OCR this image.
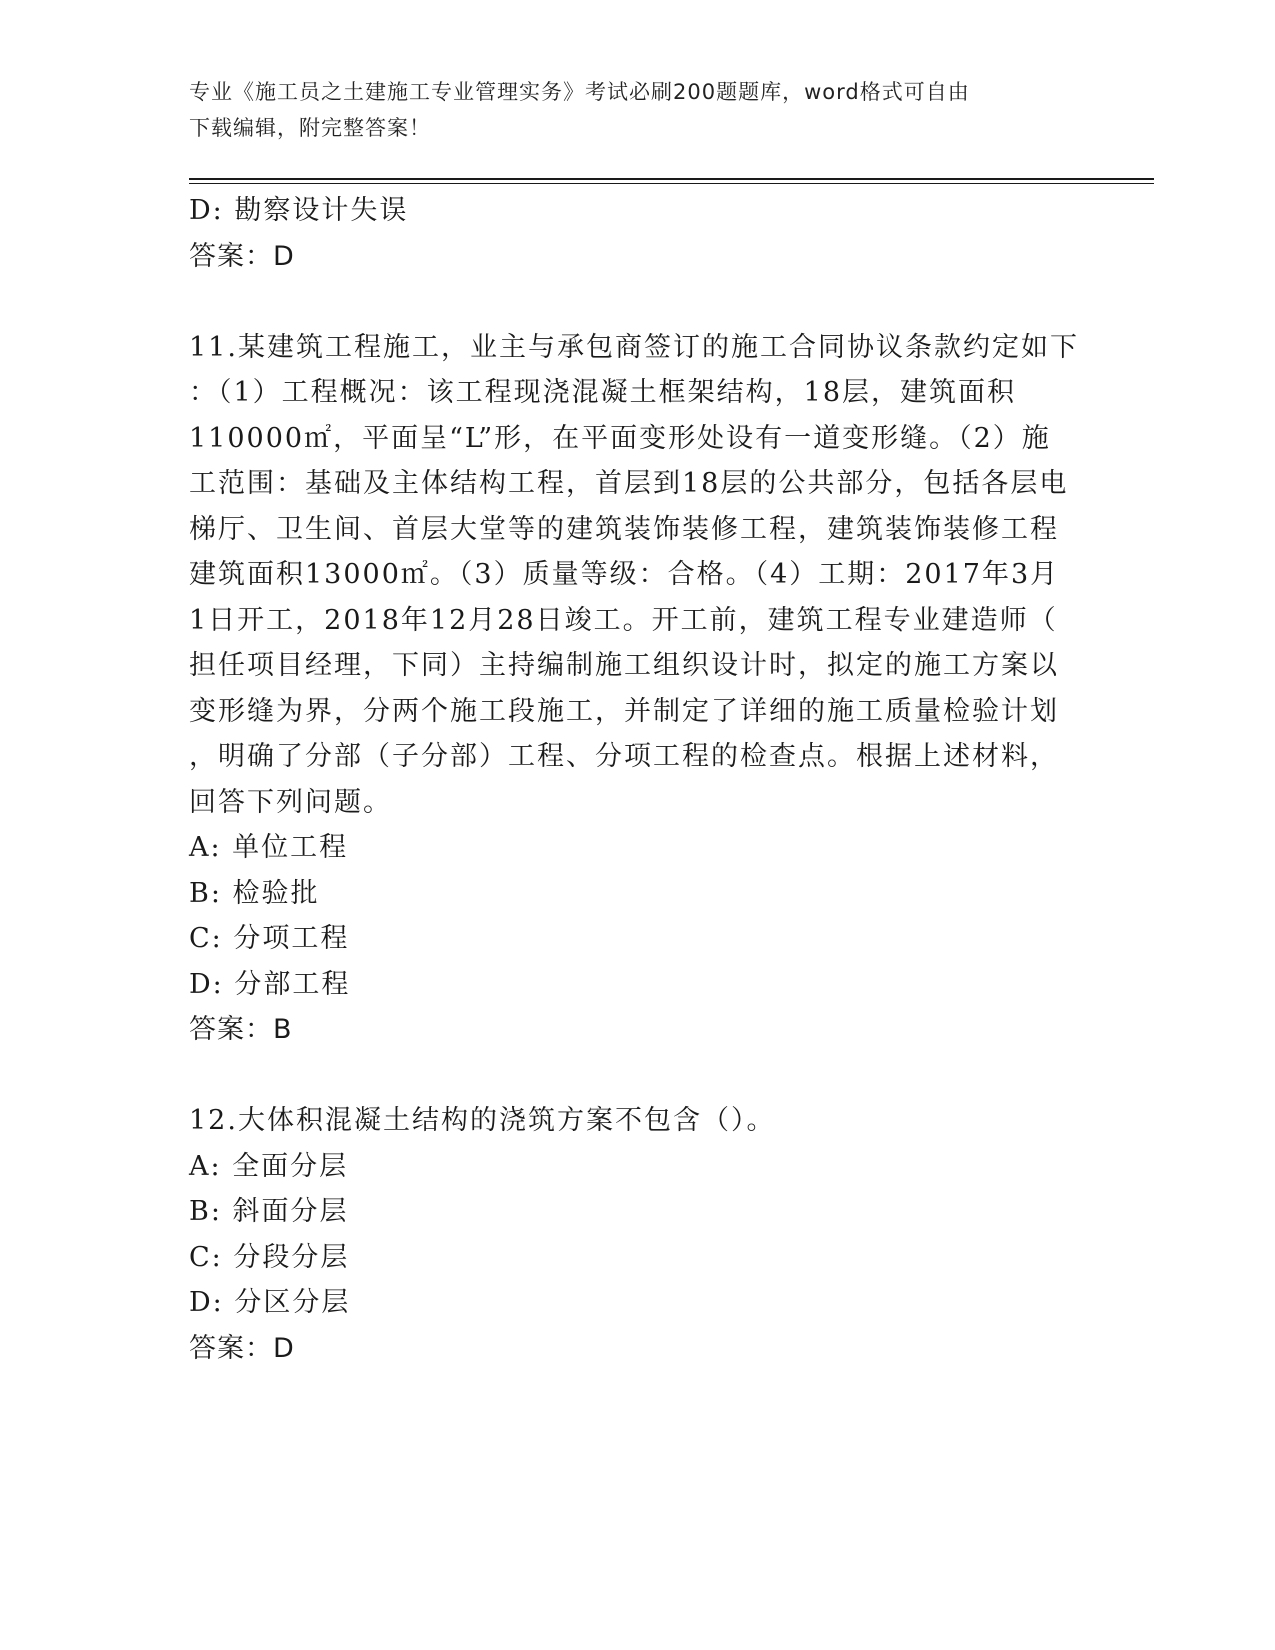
专业《施工员之土建施工专业管理实务》考试必刷200题题库，word格式可自由
下载编辑，附完整答案！
D: 勘察设计失误
答案：D
11.某建筑工程施工，业主与承包商签订的施工合同协议条款约定如下
：（1）工程概况：该工程现浇混凝土框架结构，18层，建筑面积
110000㎡，平面呈“L”形，在平面变形处设有一道变形缝。（2）施
工范围：基础及主体结构工程，首层到18层的公共部分，包括各层电
梯厅、卫生间、首层大堂等的建筑装饰装修工程，建筑装饰装修工程
建筑面积13000㎡。（3）质量等级：合格。（4）工期：2017年3月
1日开工，2018年12月28日竣工。开工前，建筑工程专业建造师（
担任项目经理，下同）主持编制施工组织设计时，拟定的施工方案以
变形缝为界，分两个施工段施工，并制定了详细的施工质量检验计划
，明确了分部（子分部）工程、分项工程的检查点。根据上述材料，
回答下列问题。
A: 单位工程
B: 检验批
C: 分项工程
D: 分部工程
答案：B
12.大体积混凝土结构的浇筑方案不包含（）。
A: 全面分层
B: 斜面分层
C: 分段分层
D: 分区分层
答案：D
